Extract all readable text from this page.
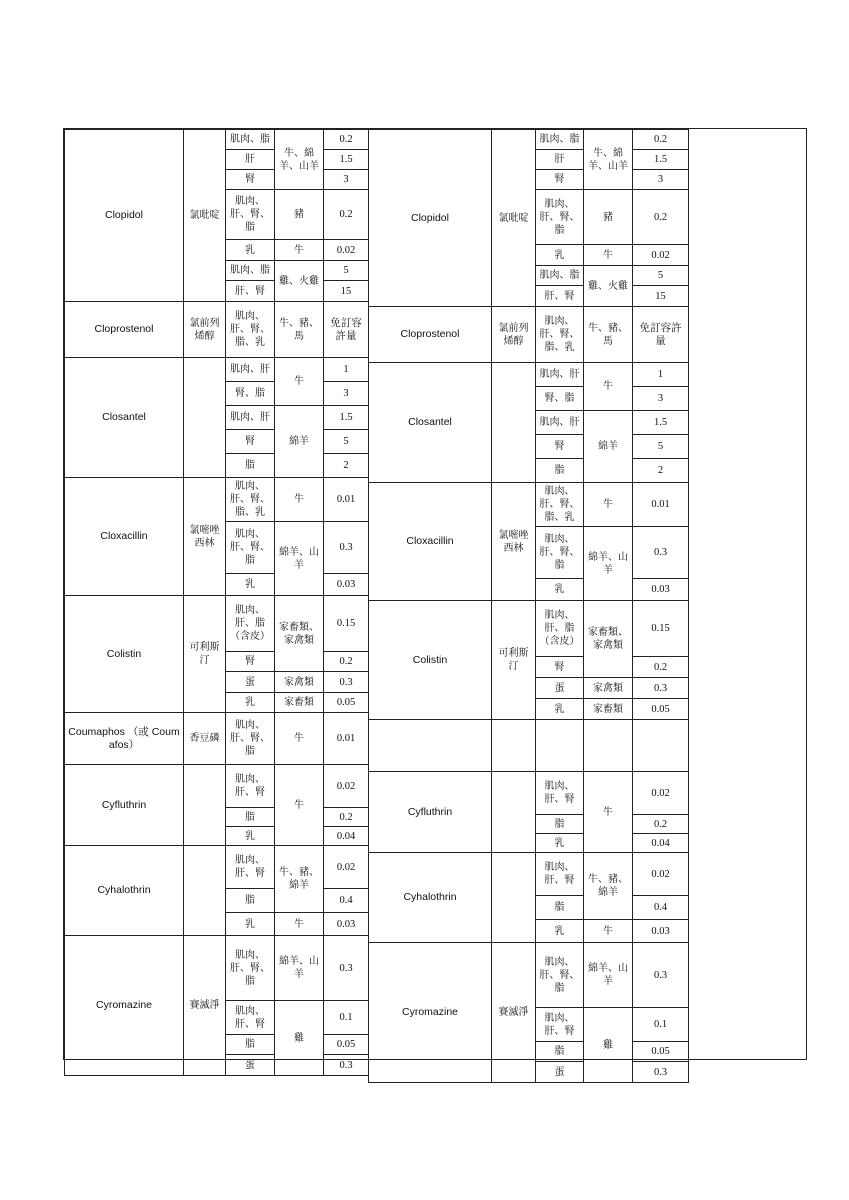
Clopidol	氯吡啶	肌肉、脂	牛、綿羊、山羊	0.2
		肝		1.5
		腎		3
		肌肉、肝、腎、脂	豬	0.2
		乳	牛	0.02
		肌肉、脂	雞、火雞	5
		肝、腎		15
Cloprostenol	氯前列烯醇	肌肉、肝、腎、脂、乳	牛、豬、馬	免訂容許量
Closantel		肌肉、肝	牛	1
		腎、脂		3
		肌肉、肝	綿羊	1.5
		腎		5
		脂		2
Cloxacillin	氯嘧唑西林	肌肉、肝、腎、脂、乳	牛	0.01
		肌肉、肝、腎、脂	綿羊、山羊	0.3
		乳		0.03
Colistin	可利斯汀	肌肉、肝、脂（含皮）	家畜類、家禽類	0.15
		腎		0.2
		蛋	家禽類	0.3
		乳	家畜類	0.05
Coumaphos （或 Coumafos）	香豆磷	肌肉、肝、腎、脂	牛	0.01
Cyfluthrin		肌肉、肝、腎	牛	0.02
		脂		0.2
		乳		0.04
Cyhalothrin		肌肉、肝、腎	牛、豬、綿羊	0.02
		脂		0.4
		乳	牛	0.03
Cyromazine	賽滅淨	肌肉、肝、腎、脂	綿羊、山羊	0.3
		肌肉、肝、腎	雞	0.1
		脂		0.05
		蛋		0.3
Clopidol	氯吡啶	肌肉、脂	牛、綿羊、山羊	0.2
		肝		1.5
		腎		3
		肌肉、肝、腎、脂	豬	0.2
		乳	牛	0.02
		肌肉、脂	雞、火雞	5
		肝、腎		15
Cloprostenol	氯前列烯醇	肌肉、肝、腎、脂、乳	牛、豬、馬	免訂容許量
Closantel		肌肉、肝	牛	1
		腎、脂		3
		肌肉、肝	綿羊	1.5
		腎		5
		脂		2
Cloxacillin	氯嘧唑西林	肌肉、肝、腎、脂、乳	牛	0.01
		肌肉、肝、腎、脂	綿羊、山羊	0.3
		乳		0.03
Colistin	可利斯汀	肌肉、肝、脂（含皮）	家畜類、家禽類	0.15
		腎		0.2
		蛋	家禽類	0.3
		乳	家畜類	0.05

Cyfluthrin		肌肉、肝、腎	牛	0.02
		脂		0.2
		乳		0.04
Cyhalothrin		肌肉、肝、腎	牛、豬、綿羊	0.02
		脂		0.4
		乳	牛	0.03
Cyromazine	賽滅淨	肌肉、肝、腎、脂	綿羊、山羊	0.3
		肌肉、肝、腎	雞	0.1
		脂		0.05
		蛋		0.3
